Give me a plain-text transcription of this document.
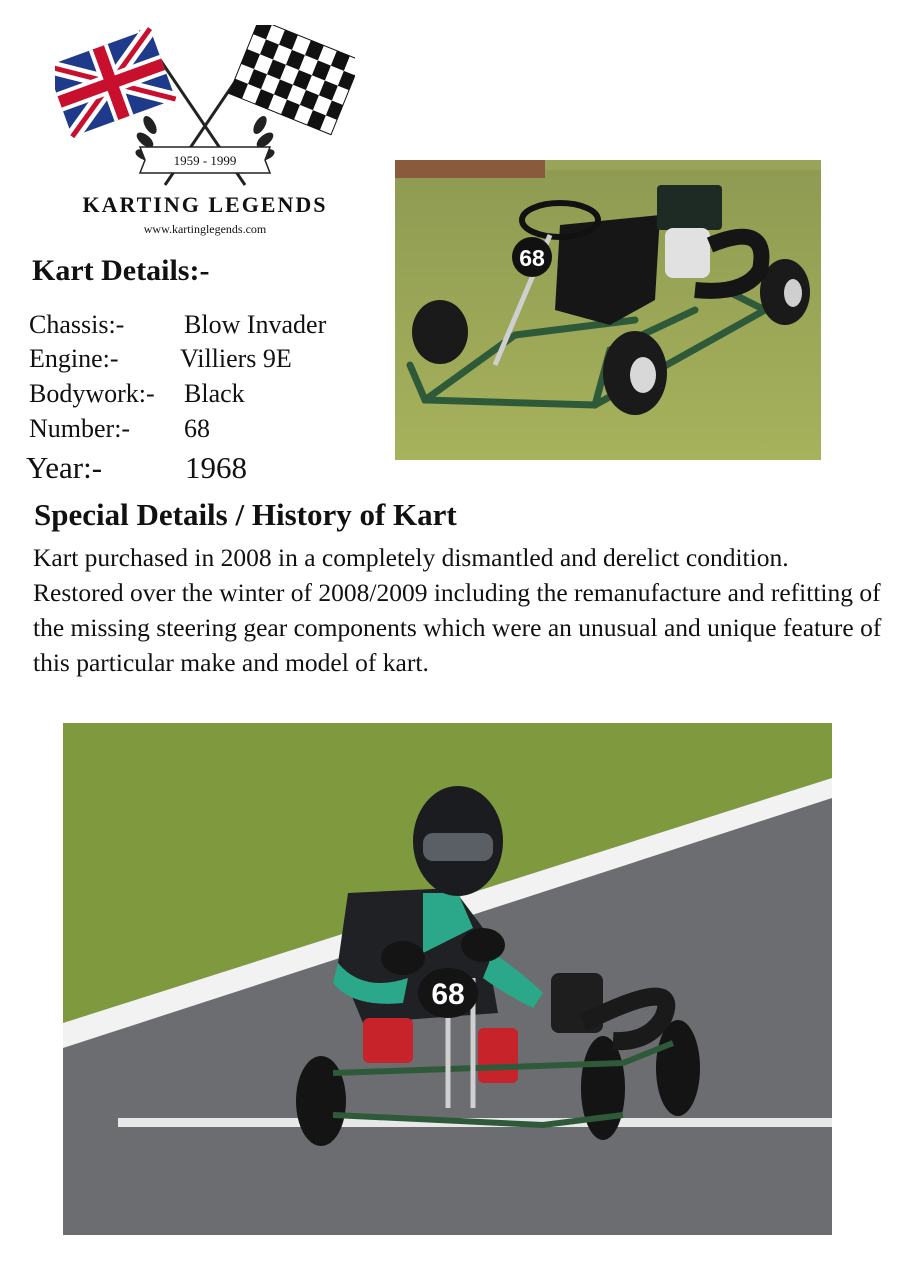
1959 - 1999
KARTING LEGENDS
www.kartinglegends.com
Kart Details:-
Chassis:- Blow Invader
Engine:- Villiers 9E
Bodywork:- Black
Number:- 68
Year:-	1968
68
Special Details / History of Kart

Kart purchased in 2008 in a completely dismantled and derelict condition. Restored over the winter of 2008/2009 including the remanufacture and refitting of the missing steering gear components which were an unusual and unique feature of this particular make and model of kart.

68
